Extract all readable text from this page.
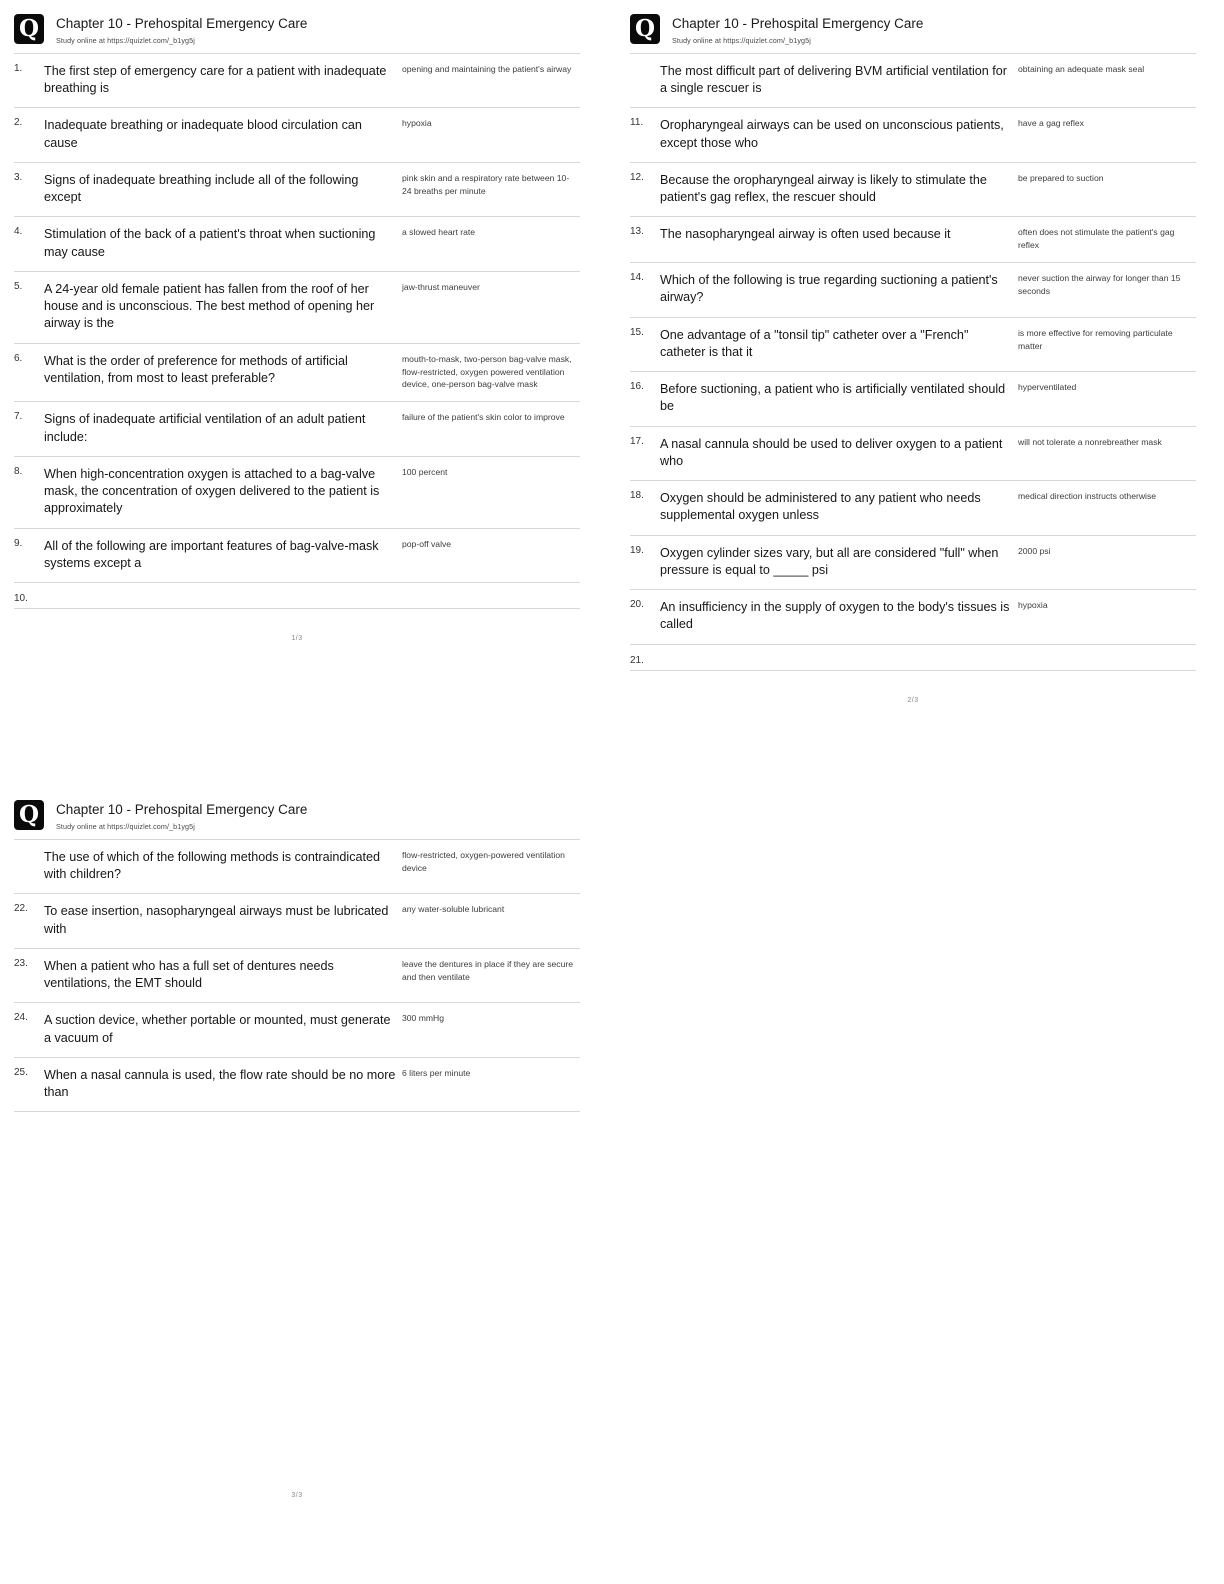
Q	Chapter 10 - Prehospital Emergency Care
Study online at https://quizlet.com/_b1yg5j
1.	The first step of emergency care for a patient with inadequate breathing is	opening and maintaining the patient's airway
2.	Inadequate breathing or inadequate blood circulation can cause	hypoxia
3.	Signs of inadequate breathing include all of the following except	pink skin and a respiratory rate between 10-24 breaths per minute
4.	Stimulation of the back of a patient's throat when suctioning may cause	a slowed heart rate
5.	A 24-year old female patient has fallen from the roof of her house and is unconscious. The best method of opening her airway is the	jaw-thrust maneuver
6.	What is the order of preference for methods of artificial ventilation, from most to least preferable?	mouth-to-mask, two-person bag-valve mask, flow-restricted, oxygen powered ventilation device, one-person bag-valve mask
7.	Signs of inadequate artificial ventilation of an adult patient include:	failure of the patient's skin color to improve
8.	When high-concentration oxygen is attached to a bag-valve mask, the concentration of oxygen delivered to the patient is approximately	100 percent
9.	All of the following are important features of bag-valve-mask systems except a	pop-off valve
10.		
1/3
Q	Chapter 10 - Prehospital Emergency Care
Study online at https://quizlet.com/_b1yg5j
	The most difficult part of delivering BVM artificial ventilation for a single rescuer is	obtaining an adequate mask seal
11.	Oropharyngeal airways can be used on unconscious patients, except those who	have a gag reflex
12.	Because the oropharyngeal airway is likely to stimulate the patient's gag reflex, the rescuer should	be prepared to suction
13.	The nasopharyngeal airway is often used because it	often does not stimulate the patient's gag reflex
14.	Which of the following is true regarding suctioning a patient's airway?	never suction the airway for longer than 15 seconds
15.	One advantage of a "tonsil tip" catheter over a "French" catheter is that it	is more effective for removing particulate matter
16.	Before suctioning, a patient who is artificially ventilated should be	hyperventilated
17.	A nasal cannula should be used to deliver oxygen to a patient who	will not tolerate a nonrebreather mask
18.	Oxygen should be administered to any patient who needs supplemental oxygen unless	medical direction instructs otherwise
19.	Oxygen cylinder sizes vary, but all are considered "full" when pressure is equal to _____ psi	2000 psi
20.	An insufficiency in the supply of oxygen to the body's tissues is called	hypoxia
21.		
2/3
Q	Chapter 10 - Prehospital Emergency Care
Study online at https://quizlet.com/_b1yg5j
	The use of which of the following methods is contraindicated with children?	flow-restricted, oxygen-powered ventilation device
22.	To ease insertion, nasopharyngeal airways must be lubricated with	any water-soluble lubricant
23.	When a patient who has a full set of dentures needs ventilations, the EMT should	leave the dentures in place if they are secure and then ventilate
24.	A suction device, whether portable or mounted, must generate a vacuum of	300 mmHg
25.	When a nasal cannula is used, the flow rate should be no more than	6 liters per minute
3/3
